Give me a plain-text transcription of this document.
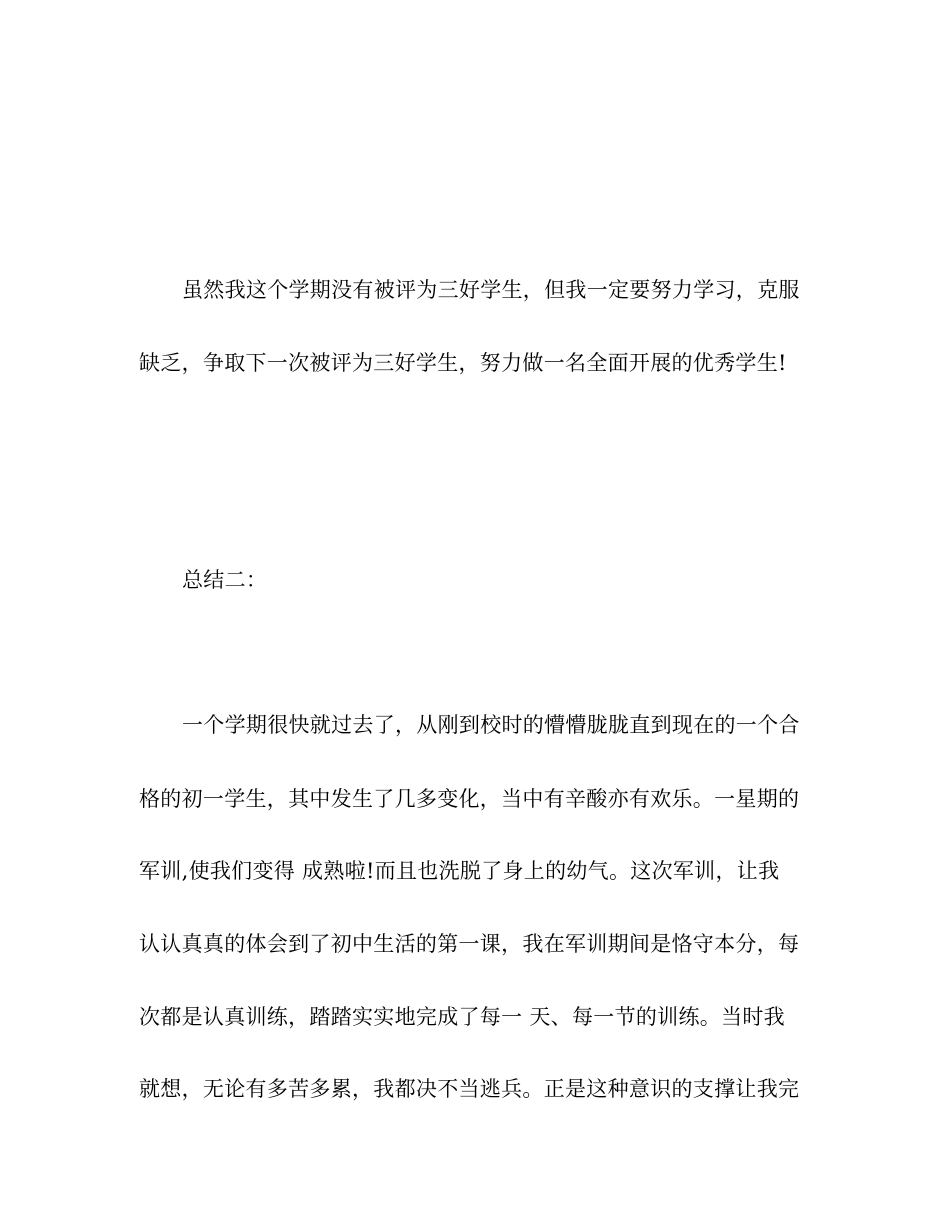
虽然我这个学期没有被评为三好学生，但我一定要努力学习，克服
缺乏，争取下一次被评为三好学生，努力做一名全面开展的优秀学生!
总结二：
一个学期很快就过去了，从刚到校时的懵懵胧胧直到现在的一个合
格的初一学生，其中发生了几多变化，当中有辛酸亦有欢乐。一星期的
军训,使我们变得 成熟啦!而且也洗脱了身上的幼气。这次军训，让我
认认真真的体会到了初中生活的第一课，我在军训期间是恪守本分，每
次都是认真训练，踏踏实实地完成了每一 天、每一节的训练。当时我
就想，无论有多苦多累，我都决不当逃兵。正是这种意识的支撑让我完
